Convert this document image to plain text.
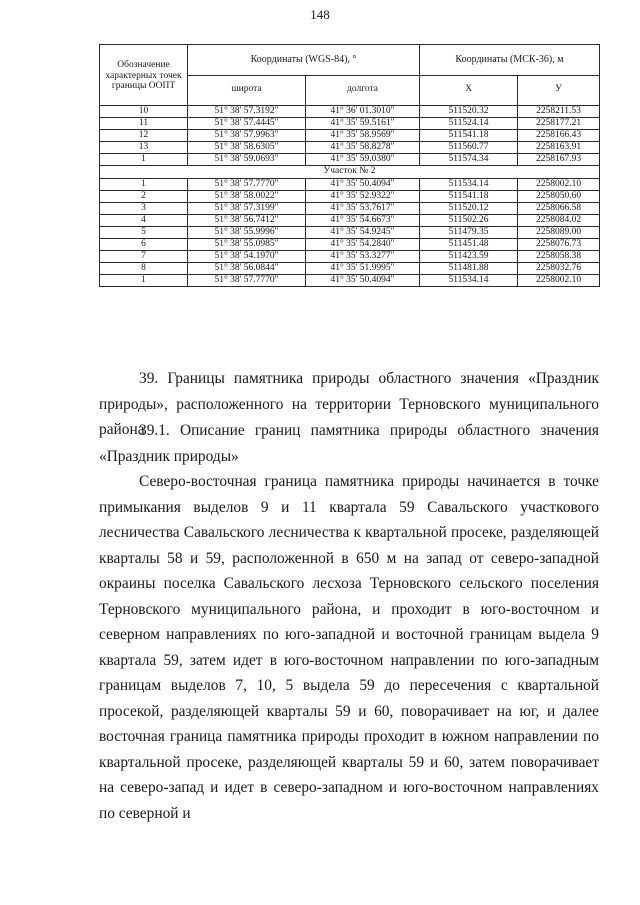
148
Обозначение характерных точек границы ООПТ	Координаты (WGS-84), °		Координаты (МСК-36), м	
	широта	долгота	X	У
10	51° 38' 57.3192"	41° 36' 01.3010"	511520.32	2258211.53
11	51° 38' 57.4445"	41° 35' 59.5161"	511524.14	2258177.21
12	51° 38' 57.9963"	41° 35' 58.9569"	511541.18	2258166.43
13	51° 38' 58.6305"	41° 35' 58.8278"	511560.77	2258163.91
1	51° 38' 59.0693"	41° 35' 59.0380"	511574.34	2258167.93
Участок № 2				
1	51° 38' 57.7770"	41° 35' 50.4094"	511534.14	2258002.10
2	51° 38' 58.0022"	41° 35' 52.9322"	511541.18	2258050.60
3	51° 38' 57.3199"	41° 35' 53.7617"	511520.12	2258066.58
4	51° 38' 56.7412"	41° 35' 54.6673"	511502.26	2258084.02
5	51° 38' 55.9996"	41° 35' 54.9245"	511479.35	2258089.00
6	51° 38' 55.0985"	41° 35' 54.2840"	511451.48	2258076.73
7	51° 38' 54.1970"	41° 35' 53.3277"	511423.59	2258058.38
8	51° 38' 56.0844"	41° 35' 51.9995"	511481.88	2258032.76
1	51° 38' 57.7770"	41° 35' 50.4094"	511534.14	2258002.10
39. Границы памятника природы областного значения «Праздник природы», расположенного на территории Терновского муниципального района
39.1. Описание границ памятника природы областного значения «Праздник природы»
Северо-восточная граница памятника природы начинается в точке примыкания выделов 9 и 11 квартала 59 Савальского участкового лесничества Савальского лесничества к квартальной просеке, разделяющей кварталы 58 и 59, расположенной в 650 м на запад от северо-западной окраины поселка Савальского лесхоза Терновского сельского поселения Терновского муниципального района, и проходит в юго-восточном и северном направлениях по юго-западной и восточной границам выдела 9 квартала 59, затем идет в юго-восточном направлении по юго-западным границам выделов 7, 10, 5 выдела 59 до пересечения с квартальной просекой, разделяющей кварталы 59 и 60, поворачивает на юг, и далее восточная граница памятника природы проходит в южном направлении по квартальной просеке, разделяющей кварталы 59 и 60, затем поворачивает на северо-запад и идет в северо-западном и юго-восточном направлениях по северной и
